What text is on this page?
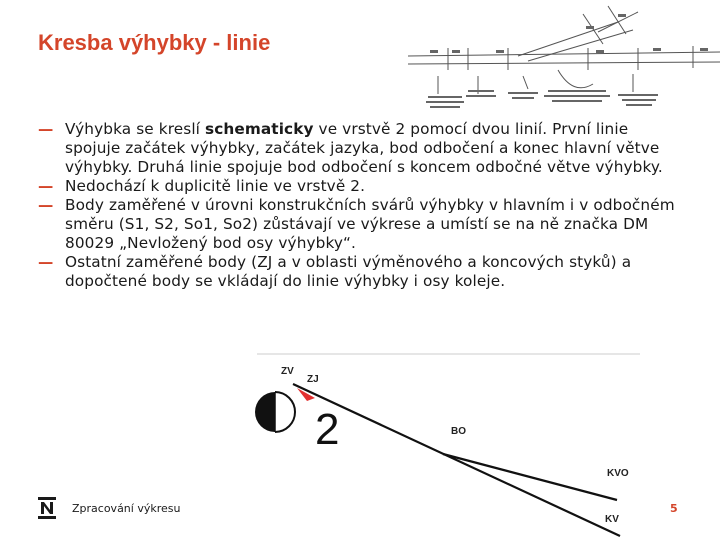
Kresba výhybky - linie
— Výhybka se kreslí schematicky ve vrstvě 2 pomocí dvou linií. První linie spojuje začátek výhybky, začátek jazyka, bod odbočení a konec hlavní větve výhybky. Druhá linie spojuje bod odbočení s koncem odbočné větve výhybky.
— Nedochází k duplicitě linie ve vrstvě 2.
— Body zaměřené v úrovni konstrukčních svárů výhybky v hlavním i v odbočném směru (S1, S2, So1, So2) zůstávají ve výkrese a umístí se na ně značka DM 80029 „Nevložený bod osy výhybky“.
— Ostatní zaměřené body (ZJ a v oblasti výměnového a koncových styků) a dopočtené body se vkládají do linie výhybky i osy koleje.
ZV
ZJ
2	BO
KVO
KV
Zpracování výkresu	5
